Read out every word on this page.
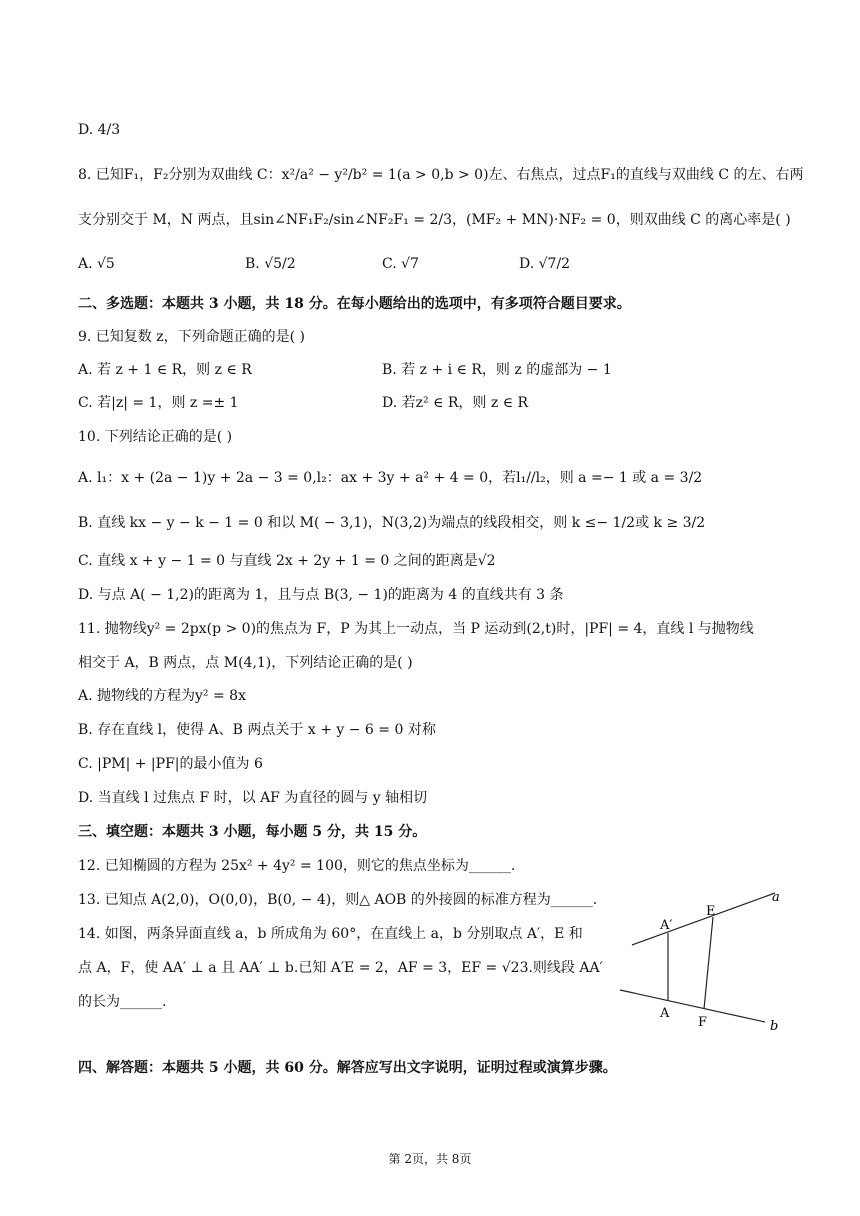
D. 4/3
8. 已知F₁，F₂分别为双曲线 C：x²/a² − y²/b² = 1(a > 0,b > 0)左、右焦点，过点F₁的直线与双曲线 C 的左、右两
支分别交于 M，N 两点，且sin∠NF₁F₂/sin∠NF₂F₁ = 2/3，(MF₂ + MN)⋅NF₂ = 0，则双曲线 C 的离心率是( )
A. √5	B. √5/2	C. √7	D. √7/2
二、多选题：本题共 3 小题，共 18 分。在每小题给出的选项中，有多项符合题目要求。
9. 已知复数 z，下列命题正确的是( )
A. 若 z + 1 ∈ R，则 z ∈ R	B. 若 z + i ∈ R，则 z 的虚部为 − 1
C. 若|z| = 1，则 z =± 1	D. 若z² ∈ R，则 z ∈ R
10. 下列结论正确的是( )
A. l₁：x + (2a − 1)y + 2a − 3 = 0,l₂：ax + 3y + a² + 4 = 0，若l₁//l₂，则 a =− 1 或 a = 3/2
B. 直线 kx − y − k − 1 = 0 和以 M( − 3,1)，N(3,2)为端点的线段相交，则 k ≤− 1/2或 k ≥ 3/2
C. 直线 x + y − 1 = 0 与直线 2x + 2y + 1 = 0 之间的距离是√2
D. 与点 A( − 1,2)的距离为 1，且与点 B(3, − 1)的距离为 4 的直线共有 3 条
11. 抛物线y² = 2px(p > 0)的焦点为 F，P 为其上一动点，当 P 运动到(2,t)时，|PF| = 4，直线 l 与抛物线
相交于 A，B 两点，点 M(4,1)，下列结论正确的是( )
A. 抛物线的方程为y² = 8x
B. 存在直线 l，使得 A、B 两点关于 x + y − 6 = 0 对称
C. |PM| + |PF|的最小值为 6
D. 当直线 l 过焦点 F 时，以 AF 为直径的圆与 y 轴相切
三、填空题：本题共 3 小题，每小题 5 分，共 15 分。
12. 已知椭圆的方程为 25x² + 4y² = 100，则它的焦点坐标为______.
13. 已知点 A(2,0)，O(0,0)，B(0, − 4)，则△ AOB 的外接圆的标准方程为______.
14. 如图，两条异面直线 a，b 所成角为 60°，在直线上 a，b 分别取点 A′，E 和
点 A，F，使 AA′ ⊥ a 且 AA′ ⊥ b.已知 A′E = 2，AF = 3，EF = √23.则线段 AA′
的长为______.
a
b
A′
E
A
F
四、解答题：本题共 5 小题，共 60 分。解答应写出文字说明，证明过程或演算步骤。
第 2页，共 8页
